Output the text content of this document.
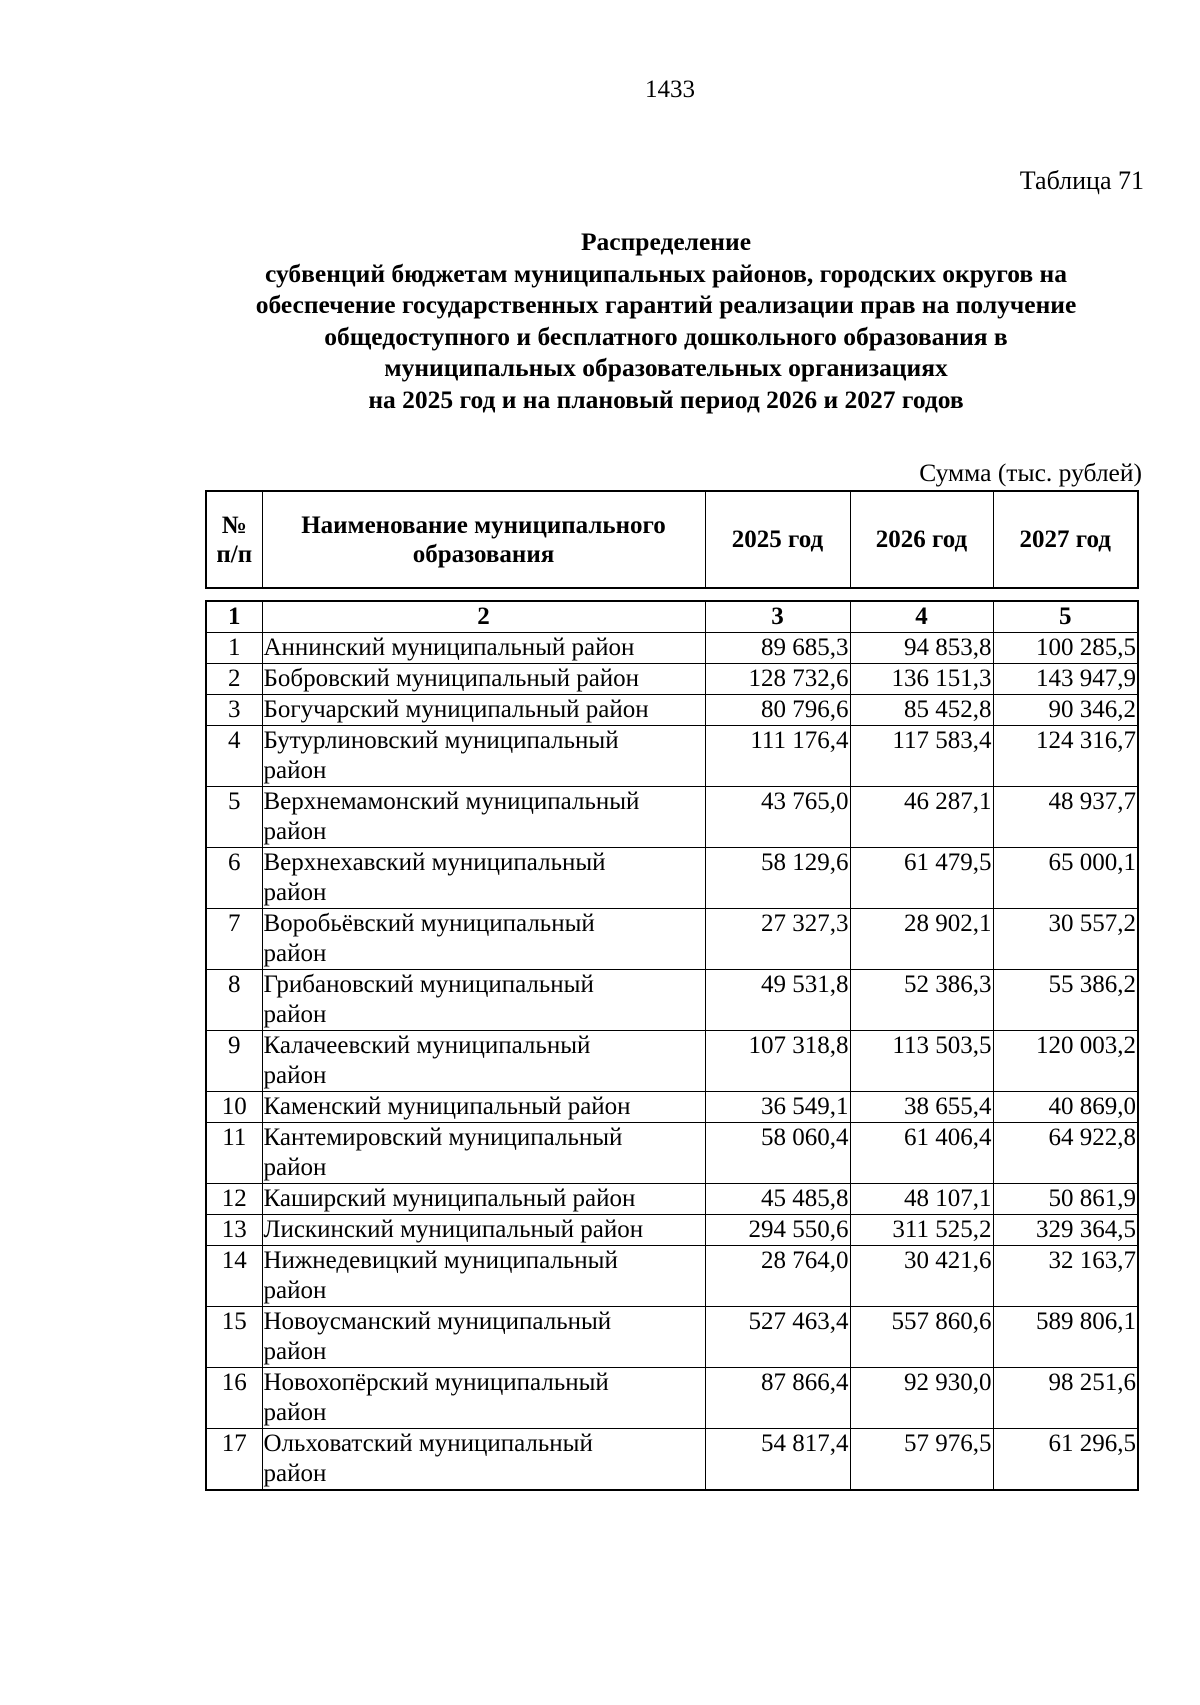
1433
Таблица 71
Распределение
субвенций бюджетам муниципальных районов, городских округов на
обеспечение государственных гарантий реализации прав на получение
общедоступного и бесплатного дошкольного образования в
муниципальных образовательных организациях
на 2025 год и на плановый период 2026 и 2027 годов
Сумма (тыс. рублей)
№
п/п	Наименование муниципального
образования	2025 год	2026 год	2027 год
1	2	3	4	5
1	Аннинский муниципальный район	89 685,3	94 853,8	100 285,5
2	Бобровский муниципальный район	128 732,6	136 151,3	143 947,9
3	Богучарский муниципальный район	80 796,6	85 452,8	90 346,2
4	Бутурлиновский муниципальный
район	111 176,4	117 583,4	124 316,7
5	Верхнемамонский муниципальный
район	43 765,0	46 287,1	48 937,7
6	Верхнехавский муниципальный
район	58 129,6	61 479,5	65 000,1
7	Воробьёвский муниципальный
район	27 327,3	28 902,1	30 557,2
8	Грибановский муниципальный
район	49 531,8	52 386,3	55 386,2
9	Калачеевский муниципальный
район	107 318,8	113 503,5	120 003,2
10	Каменский муниципальный район	36 549,1	38 655,4	40 869,0
11	Кантемировский муниципальный
район	58 060,4	61 406,4	64 922,8
12	Каширский муниципальный район	45 485,8	48 107,1	50 861,9
13	Лискинский муниципальный район	294 550,6	311 525,2	329 364,5
14	Нижнедевицкий муниципальный
район	28 764,0	30 421,6	32 163,7
15	Новоусманский муниципальный
район	527 463,4	557 860,6	589 806,1
16	Новохопёрский муниципальный
район	87 866,4	92 930,0	98 251,6
17	Ольховатский муниципальный
район	54 817,4	57 976,5	61 296,5
